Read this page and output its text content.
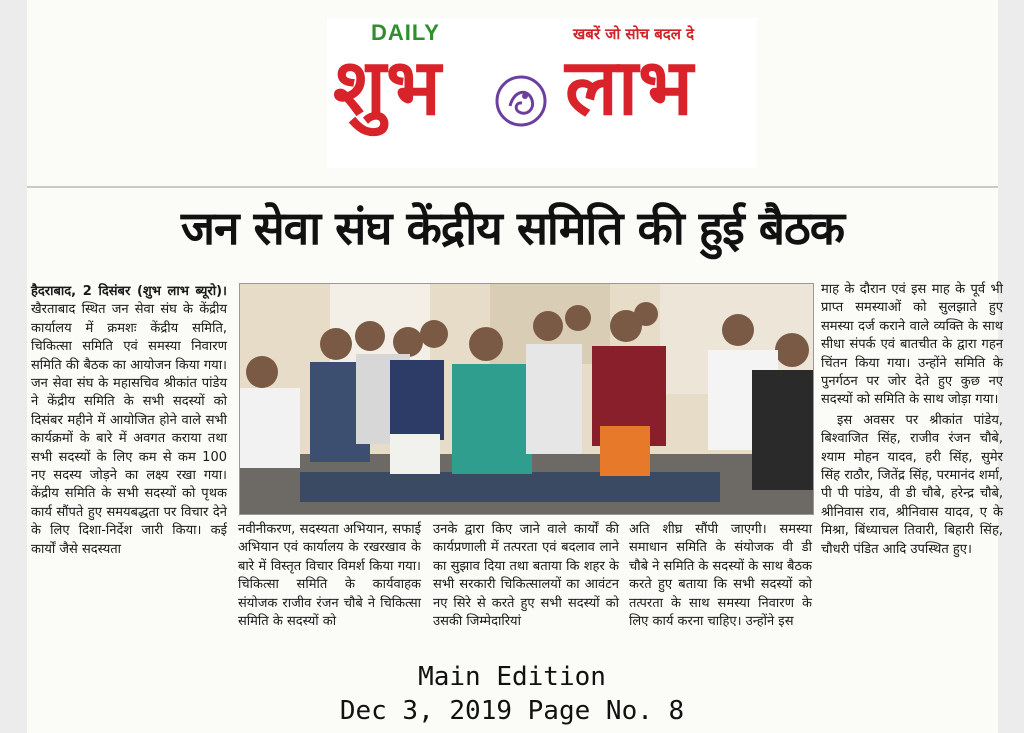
DAILY	खबरें जो सोच बदल दे
शुभ लाभ
जन सेवा संघ केंद्रीय समिति की हुई बैठक
हैदराबाद, 2 दिसंबर (शुभ लाभ ब्यूरो)। खैरताबाद स्थित जन सेवा संघ के केंद्रीय कार्यालय में क्रमशः केंद्रीय समिति, चिकित्सा समिति एवं समस्या निवारण समिति की बैठक का आयोजन किया गया। जन सेवा संघ के महासचिव श्रीकांत पांडेय ने केंद्रीय समिति के सभी सदस्यों को दिसंबर महीने में आयोजित होने वाले सभी कार्यक्रमों के बारे में अवगत कराया तथा सभी सदस्यों के लिए कम से कम 100 नए सदस्य जोड़ने का लक्ष्य रखा गया। केंद्रीय समिति के सभी सदस्यों को पृथक कार्य सौंपते हुए समयबद्धता पर विचार देने के लिए दिशा-निर्देश जारी किया। कई कार्यों जैसे सदस्यता
नवीनीकरण, सदस्यता अभियान, सफाई अभियान एवं कार्यालय के रखरखाव के बारे में विस्तृत विचार विमर्श किया गया। चिकित्सा समिति के कार्यवाहक संयोजक राजीव रंजन चौबे ने चिकित्सा समिति के सदस्यों को
उनके द्वारा किए जाने वाले कार्यों की कार्यप्रणाली में तत्परता एवं बदलाव लाने का सुझाव दिया तथा बताया कि शहर के सभी सरकारी चिकित्सालयों का आवंटन नए सिरे से करते हुए सभी सदस्यों को उसकी जिम्मेदारियां
अति शीघ्र सौंपी जाएगी। समस्या समाधान समिति के संयोजक वी डी चौबे ने समिति के सदस्यों के साथ बैठक करते हुए बताया कि सभी सदस्यों को तत्परता के साथ समस्या निवारण के लिए कार्य करना चाहिए। उन्होंने इस
माह के दौरान एवं इस माह के पूर्व भी प्राप्त समस्याओं को सुलझाते हुए समस्या दर्ज कराने वाले व्यक्ति के साथ सीधा संपर्क एवं बातचीत के द्वारा गहन चिंतन किया गया। उन्होंने समिति के पुनर्गठन पर जोर देते हुए कुछ नए सदस्यों को समिति के साथ जोड़ा गया।
इस अवसर पर श्रीकांत पांडेय, बिश्वाजित सिंह, राजीव रंजन चौबे, श्याम मोहन यादव, हरी सिंह, सुमेर सिंह राठौर, जितेंद्र सिंह, परमानंद शर्मा, पी पी पांडेय, वी डी चौबे, हरेन्द्र चौबे, श्रीनिवास राव, श्रीनिवास यादव, ए के मिश्रा, बिंध्याचल तिवारी, बिहारी सिंह, चौधरी पंडित आदि उपस्थित हुए।
Main Edition
Dec 3, 2019 Page No. 8
